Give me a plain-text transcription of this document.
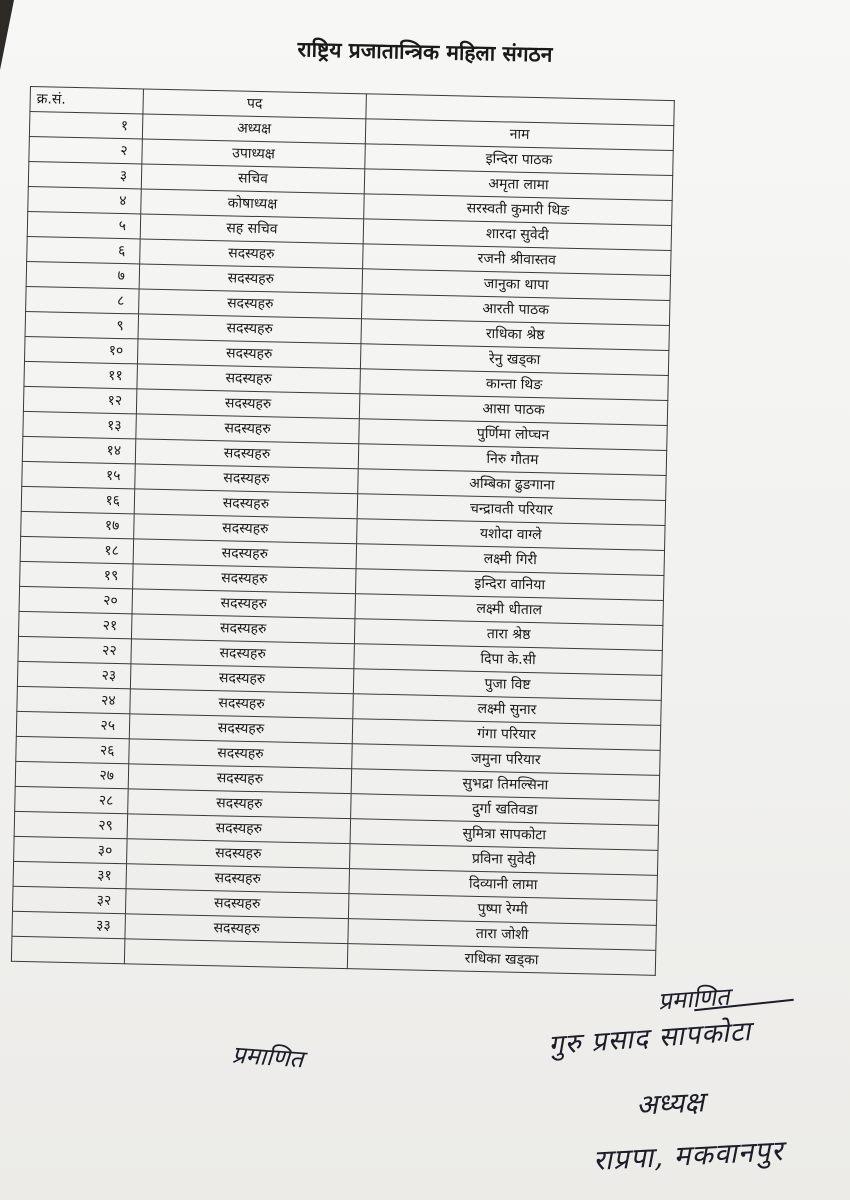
राष्ट्रिय प्रजातान्त्रिक महिला संगठन
क्र.सं.	पद	
१	अध्यक्ष	नाम
२	उपाध्यक्ष	इन्दिरा पाठक
३	सचिव	अमृता लामा
४	कोषाध्यक्ष	सरस्वती कुमारी थिङ
५	सह सचिव	शारदा सुवेदी
६	सदस्यहरु	रजनी श्रीवास्तव
७	सदस्यहरु	जानुका थापा
८	सदस्यहरु	आरती पाठक
९	सदस्यहरु	राधिका श्रेष्ठ
१०	सदस्यहरु	रेनु खड्का
११	सदस्यहरु	कान्ता थिङ
१२	सदस्यहरु	आसा पाठक
१३	सदस्यहरु	पुर्णिमा लोप्चन
१४	सदस्यहरु	निरु गौतम
१५	सदस्यहरु	अम्बिका ढुङगाना
१६	सदस्यहरु	चन्द्रावती परियार
१७	सदस्यहरु	यशोदा वाग्ले
१८	सदस्यहरु	लक्ष्मी गिरी
१९	सदस्यहरु	इन्दिरा वानिया
२०	सदस्यहरु	लक्ष्मी धीताल
२१	सदस्यहरु	तारा श्रेष्ठ
२२	सदस्यहरु	दिपा के.सी
२३	सदस्यहरु	पुजा विष्ट
२४	सदस्यहरु	लक्ष्मी सुनार
२५	सदस्यहरु	गंगा परियार
२६	सदस्यहरु	जमुना परियार
२७	सदस्यहरु	सुभद्रा तिमल्सिना
२८	सदस्यहरु	दुर्गा खतिवडा
२९	सदस्यहरु	सुमित्रा सापकोटा
३०	सदस्यहरु	प्रविना सुवेदी
३१	सदस्यहरु	दिव्यानी लामा
३२	सदस्यहरु	पुष्पा रेग्मी
३३	सदस्यहरु	तारा जोशी
		राधिका खड्का
प्रमाणित
प्रमाणित
गुरु प्रसाद सापकोटा
अध्यक्ष
राप्रपा, मकवानपुर
